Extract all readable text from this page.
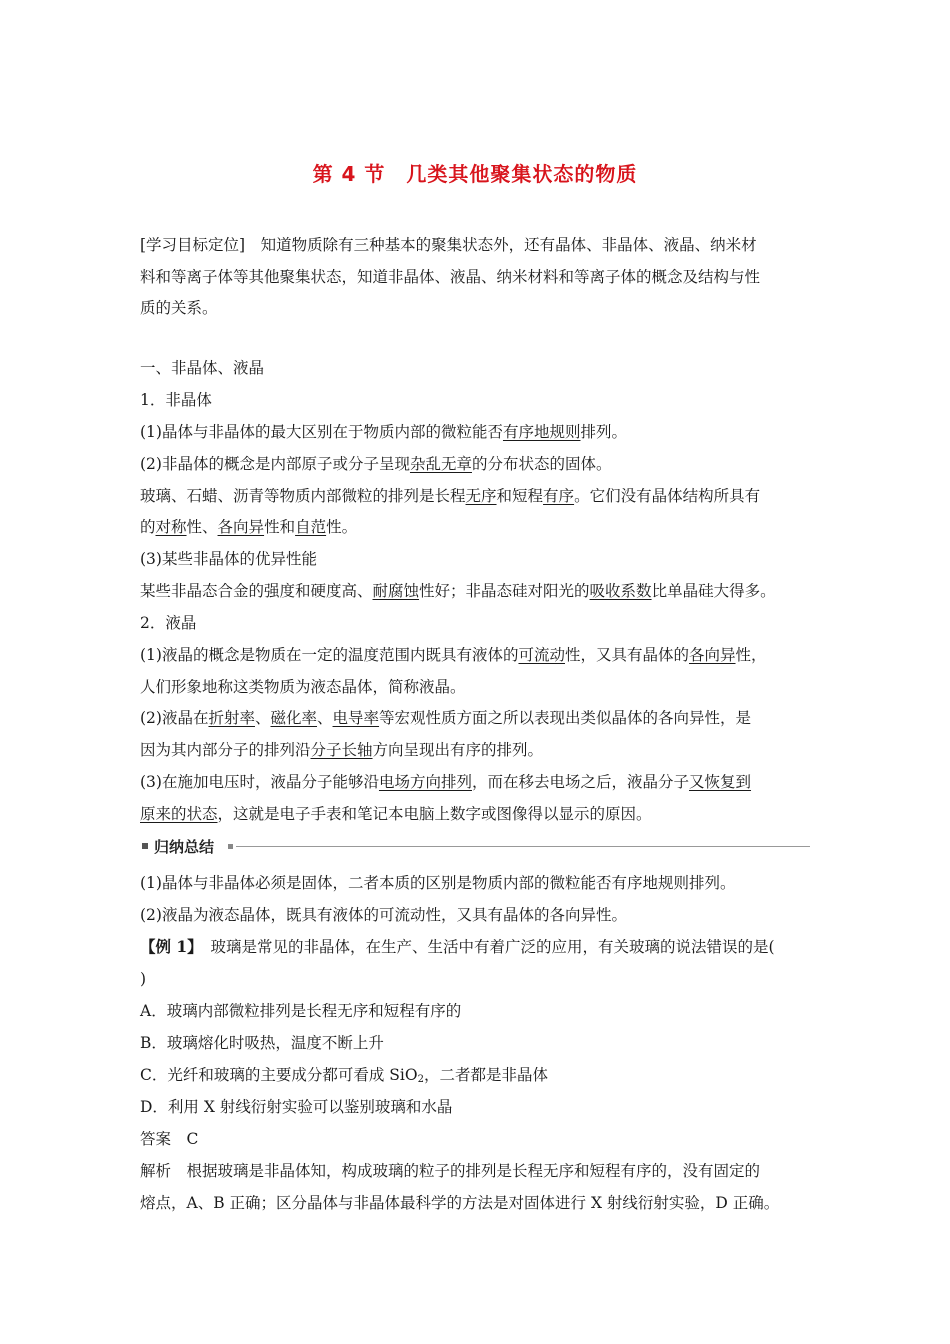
第 4 节　几类其他聚集状态的物质
[学习目标定位]　知道物质除有三种基本的聚集状态外，还有晶体、非晶体、液晶、纳米材
料和等离子体等其他聚集状态，知道非晶体、液晶、纳米材料和等离子体的概念及结构与性
质的关系。
一、非晶体、液晶
1．非晶体
(1)晶体与非晶体的最大区别在于物质内部的微粒能否有序地规则排列。
(2)非晶体的概念是内部原子或分子呈现杂乱无章的分布状态的固体。
玻璃、石蜡、沥青等物质内部微粒的排列是长程无序和短程有序。它们没有晶体结构所具有
的对称性、各向异性和自范性。
(3)某些非晶体的优异性能
某些非晶态合金的强度和硬度高、耐腐蚀性好；非晶态硅对阳光的吸收系数比单晶硅大得多。
2．液晶
(1)液晶的概念是物质在一定的温度范围内既具有液体的可流动性，又具有晶体的各向异性，
人们形象地称这类物质为液态晶体，简称液晶。
(2)液晶在折射率、磁化率、电导率等宏观性质方面之所以表现出类似晶体的各向异性，是
因为其内部分子的排列沿分子长轴方向呈现出有序的排列。
(3)在施加电压时，液晶分子能够沿电场方向排列，而在移去电场之后，液晶分子又恢复到
原来的状态，这就是电子手表和笔记本电脑上数字或图像得以显示的原因。
归纳总结
(1)晶体与非晶体必须是固体，二者本质的区别是物质内部的微粒能否有序地规则排列。
(2)液晶为液态晶体，既具有液体的可流动性，又具有晶体的各向异性。
【例 1】　玻璃是常见的非晶体，在生产、生活中有着广泛的应用，有关玻璃的说法错误的是(
)
A．玻璃内部微粒排列是长程无序和短程有序的
B．玻璃熔化时吸热，温度不断上升
C．光纤和玻璃的主要成分都可看成 SiO$_2$，二者都是非晶体
D．利用 X 射线衍射实验可以鉴别玻璃和水晶
答案　C
解析　根据玻璃是非晶体知，构成玻璃的粒子的排列是长程无序和短程有序的，没有固定的
熔点，A、B 正确；区分晶体与非晶体最科学的方法是对固体进行 X 射线衍射实验，D 正确。
